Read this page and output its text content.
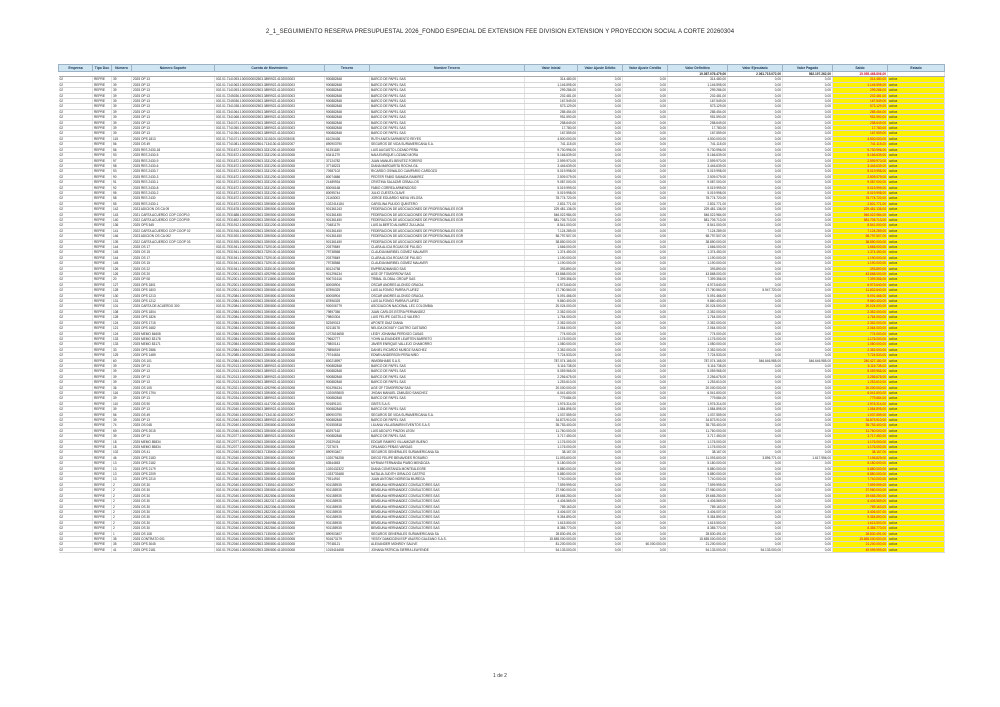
2_1_SEGUIMIENTO RESERVA PRESUPUESTAL 2026_FONDO ESPECIAL DE EXTENSION FEE DIVISION EXTENSION Y PROYECCION SOCIAL A CORTE 20260304
Empresa	Tipo Doc	Número	Número Soporte	Cuenta de Movimiento	Tercero	Nombre Tercero	Valor Inicial	Valor Ajuste Débito	Valor Ajuste Crédito	Valor Definitivo	Valor Ejecutado	Valor Pagado	Saldo	Estado
										19.087.076.479,00	2.061.715.072,00	562.197.262,00	15.055.468.806,00	
02	REPRE	39	2025 OP 13	002.01.7141093.1000000002503.3899922.4102003003	900882848	BARCO DE PAPEL SAS	314.480,00	0,00	0,00	314.480,00	0,00	0,00	314.480,00	activa
02	REPRE	39	2025 OP 13	002.01.7141063.1000000002503.3899922.4102003003	900882848	BARCO DE PAPEL SAS	1.146.595,00	0,00	0,00	1.146.595,00	0,00	0,00	1.146.595,00	activa
02	REPRE	39	2025 OP 13	002.01.7141093.1000000002503.3899922.4102003003	900882848	BARCO DE PAPEL SAS	299.286,00	0,00	0,00	299.286,00	0,00	0,00	299.286,00	activa
02	REPRE	39	2025 OP 13	002.01.7245036.1000000002503.3899922.4102003003	900882848	BARCO DE PAPEL SAS	202.481,00	0,00	0,00	202.481,00	0,00	0,00	202.481,00	activa
02	REPRE	39	2025 OP 13	002.01.7245036.1000000002503.3899922.4102003003	900882848	BARCO DE PAPEL SAS	167.549,00	0,00	0,00	167.549,00	0,00	0,00	167.549,00	activa
02	REPRE	39	2025 OP 13	002.01.7341038.1000000002503.3899922.4102003003	900882848	BARCO DE PAPEL SAS	573.129,00	0,00	0,00	573.129,00	0,00	0,00	573.129,00	activa
02	REPRE	39	2025 OP 13	002.01.7341064.1000000002503.3899922.4102003003	900882848	BARCO DE PAPEL SAS	285.454,00	0,00	0,00	285.454,00	0,00	0,00	285.454,00	activa
02	REPRE	39	2025 OP 13	002.01.7341068.1000000002503.3899922.4102003003	900882848	BARCO DE PAPEL SAS	951.590,00	0,00	0,00	951.590,00	0,00	0,00	951.590,00	activa
02	REPRE	39	2025 OP 13	002.01.7341071.1000000002503.3899922.4102003003	900882848	BARCO DE PAPEL SAS	258.649,00	0,00	0,00	258.649,00	0,00	0,00	258.649,00	activa
02	REPRE	39	2025 OP 13	002.01.7741050.1000000002503.3899922.4102003003	900882848	BARCO DE PAPEL SAS	17.780,00	0,00	0,00	17.780,00	0,00	0,00	17.780,00	activa
02	REPRE	39	2025 OP 13	002.01.7741054.1000000002503.3899922.4102003003	900882848	BARCO DE PAPEL SAS	167.559,00	0,00	0,00	167.559,00	0,00	0,00	167.559,00	activa
02	REPRE	115	2025 OPS 1813	002.01.7741071.1000000002503.3115100.4102003008	61026436	RUTH ANITA SARMIENTO REYES	4.500.000,00	0,00	0,00	4.500.000,00	0,00	0,00	4.500.000,00	activa
02	REPRE	56	2025 OS 49	002.01.7741081.1000000002504.7134130.4102002007	890903790	SEGUROS DE VIDA SURAMERICANA S.A.	741.115,00	0,00	0,00	741.115,00	0,00	0,00	741.115,00	activa
02	REPRE	56	2025 RES 2430-18	002.01.7931672.1000000002503.3331200.4102003008	91251180	LUIS AUGUSTO LOZANO PEÑA	9.730.996,00	0,00	0,00	9.730.996,00	0,00	0,00	9.730.996,00	activa
02	REPRE	93	2025 RES 2430-5	002.01.7931672.1000000002503.3331200.4102003008	63411279	NAIA ENRIQUE LOZANO MORA	5.166.639,00	0,00	0,00	5.166.639,00	0,00	0,00	5.166.639,00	activa
02	REPRE	97	2025 RES 2430-9	002.01.7931672.1000000002503.3331200.4102003008	37124782	JUAN MANUEL BENITEZ FORERO	2.599.970,00	0,00	0,00	2.599.970,00	0,00	0,00	2.599.970,00	activa
02	REPRE	98	2025 RES 2430-6	002.01.7931672.1000000002503.3331200.4102003008	37748223	DIANA MARGARITA ROCHA GIL	3.446.639,00	0,00	0,00	3.446.639,00	0,00	0,00	3.446.639,00	activa
02	REPRE	93	2025 RES 2430-7	002.01.7931672.1000000002503.3331200.4102003008	70987102	RICARDO OSWALDO CAMPARIO CARDOZO	5.019.998,00	0,00	0,00	5.019.998,00	0,00	0,00	5.019.998,00	activa
02	REPRE	90	2025 RES 2430-3	002.01.7931672.1000000002503.3331200.4102003008	80074686	PEDTER FABIO SAMADA RAMIREZ	2.509.079,00	0,00	0,00	2.509.079,00	0,00	0,00	2.509.079,00	activa
02	REPRE	91	2025 RES 2430-1	002.01.7931672.1000000002503.3331200.4102003008	21489934	CRISTINA SALAZAR CEBALLOS	9.087.000,00	0,00	0,00	9.087.000,00	0,00	0,00	9.087.000,00	activa
02	REPRE	92	2025 RES 2430-8	002.01.7931672.1000000002503.3331200.4102003008	80006168	FABIO CORREA ARMENDOSO	5.019.999,00	0,00	0,00	5.019.999,00	0,00	0,00	5.019.999,00	activa
02	REPRE	95	2025 RES 2430-2	002.01.7931672.1000000002503.3331200.4102003008	80095744	JULIO CUESTA OLAVE	5.019.998,00	0,00	0,00	5.019.998,00	0,00	0,00	5.019.998,00	activa
02	REPRE	58	2025 RES 2430	002.01.7931672.1000000002503.3331200.4102003008	21163003	JORGE EDUARDO NIEVA VELOSA	78.774.720,00	0,00	0,00	78.774.720,00	0,00	0,00	78.774.720,00	activa
02	REPRE	55	2025 RES 2430-1	002.01.7931672.1000000002503.3390800.4102003008	1022414184	CAROLINA PULIDO QUINTERO	2.831.771,00	0,00	0,00	2.831.771,00	0,00	0,00	2.831.771,00	activa
02	REPRE	142	2023 ADICION OS CA 09	002.01.7931678.1000000002503.3390500.4102003008	901361243	FEDERACION DE ASOCIACIONES DE PROFESIONALES EGR	229.481.136,00	0,00	0,00	229.481.136,00	0,00	0,00	229.481.136,00	activa
02	REPRE	143	2021 CARTA ACUERDO COP COOP10	002.01.7931688.1000000002503.3390500.4102003008	901361450	FEDERACION DE ASOCIACIONES DE PROFESIONALES EGR	546.022.984,00	0,00	0,00	546.022.984,00	0,00	0,00	546.022.984,00	activa
02	REPRE	140	2022 CARTA ACUERDO COP COOP09	002.01.7931692.1000000002503.3390500.4102003008	901361450	FEDERACION DE ASOCIACIONES DE PROFESIONALES EGR	581.705.713,00	0,00	0,00	581.705.713,00	0,00	0,00	581.705.713,00	activa
02	REPRE	136	2025 OPS 545	002.01.7931912.1000000002503.3331200.4102003008	70481179	LUIS ALBERTO ALVAREZ ZULUAGA	8.541.000,00	0,00	0,00	8.541.000,00	0,00	0,00	8.541.000,00	activa
02	REPRE	141	2022 CARTA ACUERDO COP COOP 02	002.01.7931916.1000000002503.3390500.4102003008	901361450	FEDERACION DE ASOCIACIONES DE PROFESIONALES EGR	7.124.289,00	0,00	0,00	7.124.289,00	0,00	0,00	7.124.289,00	activa
02	REPRE	146	2023 ADICION OS CA 002	002.01.7931920.1000000002503.3390500.4102003008	901361450	FEDERACION DE ASOCIACIONES DE PROFESIONALES EGR	58.797.507,00	0,00	0,00	58.797.507,00	0,00	0,00	58.797.507,00	activa
02	REPRE	139	2022 CARTA ACUERDO COP COOP 03	002.01.7931925.1000000002503.3390500.4102003008	901361450	FEDERACION DE ASOCIACIONES DE PROFESIONALES EGR	38.850.000,00	0,00	0,00	38.850.000,00	0,00	0,00	38.850.000,00	activa
02	REPRE	144	2025 OS 17	002.01.7931941.1000000002503.7329100.4102003008	20379849	CLARA ALICIA ROJAS DE PULIDO	1.666.000,00	0,00	0,00	1.666.000,00	0,00	0,00	1.666.000,00	activa
02	REPRE	145	2025 OS 15	002.01.7931941.1000000002503.7329100.4102003008	79738568	CLAUDIA MARIBEL GOMEZ MALAVER	1.374.450,00	0,00	0,00	1.374.450,00	0,00	0,00	1.374.450,00	activa
02	REPRE	144	2025 OS 17	002.01.7931941.1000000002503.7329100.4102003008	20379849	CLARA ALICIA ROJAS DE PULIDO	1.190.000,00	0,00	0,00	1.190.000,00	0,00	0,00	1.190.000,00	activa
02	REPRE	145	2025 OS 15	002.01.7931941.1000000002503.7329100.4102003008	79738568	CLAUDIA MARIBEL GOMEZ MALAVER	1.190.000,00	0,00	0,00	1.190.000,00	0,00	0,00	1.190.000,00	activa
02	REPRE	126	2025 OS 22	002.01.7931941.1000000002503.3335100.4102003008	80124758	EMPREADMANDO SAS	393.890,00	0,00	0,00	393.890,00	0,00	0,00	393.890,00	activa
02	REPRE	126	2025 OS 20	002.01.7912001.1000000002503.4292990.4102003008	901296134	AGE OF TOMORROW SAS	43.868.000,00	0,00	0,00	43.868.000,00	0,00	0,00	43.868.000,00	activa
02	REPRE	20	2025 OP 08	002.01.7912001.1000000002503.3713800.4102003008	900701616	TRIBAL GLOBAL GROUP SAS	7.399.356,00	0,00	0,00	7.399.356,00	0,00	0,00	7.399.356,00	activa
02	REPRE	127	2025 OPS 1801	002.01.7912001.1000000002503.3390800.4102003008	80008904	OSCAR ANDRES ALONSO GRACIA	6.973.640,00	0,00	0,00	6.973.640,00	0,00	0,00	6.973.640,00	activa
02	REPRE	128	2025 OPS 1803	002.01.7912001.1000000002503.3390800.4102003008	87896325	LUIS ALFONSO PARRA FLUREZ	17.780.560,00	0,00	0,00	17.780.560,00	5.947.720,00	0,00	11.832.840,00	activa
02	REPRE	130	2025 OPS 1213	002.01.7912084.1000000002503.3390800.4102003008	80008904	OSCAR ANDRES ALONSO GRACIA	5.091.466,00	0,00	0,00	5.091.466,00	0,00	0,00	5.091.466,00	activa
02	REPRE	131	2025 OPS 1212	002.01.7912084.1000000002503.3390800.4102003008	87896325	LUIS ALFONSO PARRA FLUREZ	9.860.400,00	0,00	0,00	9.860.400,00	0,00	0,00	9.860.400,00	activa
02	REPRE	101	2025 CARTA DE ACUERDO 300	002.01.7912084.1000000002503.3390800.4102003008	900006779	ASOCIACION NACIONAL LEC COLOMBIA	20.024.000,00	0,00	0,00	20.024.000,00	0,00	0,00	20.024.000,00	activa
02	REPRE	108	2025 OPS 1804	002.01.7912084.1000000002503.3390800.4102003008	79897356	JUAN CARLOS ESTRA PERNANDEZ	2.352.000,00	0,00	0,00	2.352.000,00	0,00	0,00	2.352.000,00	activa
02	REPRE	128	2025 OPS 1826	002.01.7912084.1000000002503.3390800.4102003008	79800304	LUIS FELIPE CASTILLO VALERO	1.764.000,00	0,00	0,00	1.764.000,00	0,00	0,00	1.764.000,00	activa
02	REPRE	124	2025 OPS 1715	002.01.7912084.1000000002503.3390800.4102003008	52269313	APONTE DIAZ DIANA	2.352.000,00	0,00	0,00	2.352.000,00	0,00	0,00	2.352.000,00	activa
02	REPRE	121	2025 OPS 1682	002.01.7912084.1000000002503.3390800.4102003008	52118178	NELIDA DIOVATY CASTRO CASTAÑO	2.064.000,00	0,00	0,00	2.064.000,00	0,00	0,00	2.064.000,00	activa
02	REPRE	124	2025 MEMO 84608	002.01.7912084.1000000002503.3390800.4102003008	1072616658	LEIDY JOHANNA PERDIGO CASAS	774.000,00	0,00	0,00	774.000,00	0,00	0,00	774.000,00	activa
02	REPRE	133	2025 MEMO 83178	002.01.7912084.1000000002503.3390800.4102003008	79662777	YOHN ALEXANDER LEARTEN BARRETO	1.176.000,00	0,00	0,00	1.176.000,00	0,00	0,00	1.176.000,00	activa
02	REPRE	133	2025 MEMO 83171	002.01.7912084.1000000002503.3390800.4102003008	79800141	JAVIER ENRIQUE VALLEJO CHAMORRO	1.080.000,00	0,00	0,00	1.080.000,00	0,00	0,00	1.080.000,00	activa
02	REPRE	33	2025 OPS 2586	002.01.7912084.1000000002503.3390800.4102003008	79856519	DANIEL RICARDO MUÑOZ SANCHEZ	2.352.000,00	0,00	0,00	2.352.000,00	0,00	0,00	2.352.000,00	activa
02	REPRE	125	2025 OPS 1489	002.01.7912085.1000000002503.3390800.4102003008	79744634	EDWIN ANDERSON PEÑA NIÑO	7.724.533,00	0,00	0,00	7.724.533,00	0,00	0,00	7.724.533,00	activa
02	REPRE	60	2025 OS 101	002.01.7912084.1000000002503.3390800.4102003008	800218997	INMOBIHABS S.A.S.	787.074.165,00	0,00	0,00	787.074.165,00	546.646.985,00	546.646.985,00	240.427.180,00	activa
02	REPRE	39	2025 OP 13	002.01.7912013.1000000002503.3899922.4102003003	900882848	BARCO DE PAPEL SAS	5.116.738,00	0,00	0,00	5.116.738,00	0,00	0,00	5.116.738,00	activa
02	REPRE	39	2025 OP 13	002.01.7912013.1000000002503.3899922.4102003003	900882848	BARCO DE PAPEL SAS	5.059.965,00	0,00	0,00	5.059.965,00	0,00	0,00	5.059.965,00	activa
02	REPRE	39	2025 OP 13	002.01.7912013.1000000002503.3899922.4102003003	900882848	BARCO DE PAPEL SAS	2.256.675,00	0,00	0,00	2.256.675,00	0,00	0,00	2.256.675,00	activa
02	REPRE	39	2025 OP 13	002.01.7912013.1000000002503.3899922.4102003003	900882848	BARCO DE PAPEL SAS	1.253.610,00	0,00	0,00	1.253.610,00	0,00	0,00	1.253.610,00	activa
02	REPRE	36	2025 OS 105	002.01.7912021.1000000002503.4292990.4102003008	901296134	AGE OF TOMORROW SAS	20.000.000,00	0,00	0,00	20.000.000,00	0,00	0,00	20.000.000,00	activa
02	REPRE	116	2025 OPS 1794	002.01.7912024.1000000002503.3390800.4102003008	1020693605	JHOAN MANUEL ZAMUDIO SANCHEZ	6.041.600,00	0,00	0,00	6.041.600,00	0,00	0,00	6.041.600,00	activa
02	REPRE	39	2025 OP 13	002.01.7912034.1000000002503.3899922.4102003003	900882848	BARCO DE PAPEL SAS	779.684,00	0,00	0,00	779.684,00	0,00	0,00	779.684,00	activa
02	REPRE	110	2025 OS 90	002.01.7912035.1000000002503.4147200.4102003006	901891101	GBITS S.A.S.	1.976.314,00	0,00	0,00	1.976.314,00	0,00	0,00	1.976.314,00	activa
02	REPRE	39	2025 OP 13	002.01.7912040.1000000002503.3899922.4102003003	900882848	BARCO DE PAPEL SAS	1.584.895,00	0,00	0,00	1.584.895,00	0,00	0,00	1.584.895,00	activa
02	REPRE	56	2025 OS 49	002.01.7912040.1000000002504.7134130.4102002007	890903790	SEGUROS DE VIDA SURAMERICANA S.A.	1.037.559,00	0,00	0,00	1.037.559,00	0,00	0,00	1.037.559,00	activa
02	REPRE	39	2025 OP 13	002.01.7912040.1000000002503.3899922.4102003003	900882848	BARCO DE PAPEL SAS	34.873.910,00	0,00	0,00	34.873.910,00	0,00	0,00	34.873.910,00	activa
02	REPRE	74	2025 OS 048	002.01.7912040.1000000002503.3390800.4102003008	901550818	LILIANA VILLASMARIN EVENTOS S.A.S	35.753.400,00	0,00	0,00	35.753.400,00	0,00	0,00	35.753.400,00	activa
02	REPRE	69	2025 OPS 2015	002.01.7912040.1000000002503.3390800.4102003008	80297162	LUIS ADOLFO PINZON LEON	11.760.000,00	0,00	0,00	11.760.000,00	0,00	0,00	11.760.000,00	activa
02	REPRE	39	2025 OP 13	002.01.7912077.1000000002503.3899922.4102003003	900882848	BARCO DE PAPEL SAS	3.717.450,00	0,00	0,00	3.717.450,00	0,00	0,00	3.717.450,00	activa
02	REPRE	18	2025 MEMO 85834	002.01.7912077.1000000002503.3390800.4102003008	20329434	EDGAR RAMIRO VILLAMIZAR BUENO	1.176.000,00	0,00	0,00	1.176.000,00	0,00	0,00	1.176.000,00	activa
02	REPRE	18	2025 MEMO 85834	002.01.7912077.1000000002503.3390800.4102003008	7227674	ORLANDO PEÑAS VARGAS	1.176.000,00	0,00	0,00	1.176.000,00	0,00	0,00	1.176.000,00	activa
02	REPRE	102	2025 OS 41	002.01.7912040.1000000002503.7135600.4102003007	890903407	SEGUROS GENERALES SURAMERICANA SA	38.167,00	0,00	0,00	38.167,00	0,00	0,00	38.167,00	activa
02	REPRE	46	2025 OPS 2183	002.01.7912040.1000000002503.3390800.4102003008	1020794258	DIEGO FELIPE BENAVIDES ROSARIO	11.093.600,00	0,00	0,00	11.093.600,00	3.896.771,00	1.617.956,00	7.196.829,00	activa
02	REPRE	13	2025 OPS 2182	002.01.7912040.1000000002503.3390800.4102003008	63544653	MYRIAM FERNANDA PIAÑO MENDOZA	5.180.000,00	0,00	0,00	5.180.000,00	0,00	0,00	5.180.000,00	activa
02	REPRE	13	2025 OPS 2179	002.01.7912040.1000000002503.3390800.4102003008	1020432322	DIANA CONSTANZA MONTEALEGRE	5.880.000,00	0,00	0,00	5.880.000,00	0,00	0,00	5.880.000,00	activa
02	REPRE	13	2025 OPS 2209	002.01.7912040.1000000002503.3390800.4102003008	1033733488	NATALIA JUDITH GIRALDO CASTRO	5.880.000,00	0,00	0,00	5.880.000,00	0,00	0,00	5.880.000,00	activa
02	REPRE	13	2025 OPS 2210	002.01.7912040.1000000002503.3390800.4102003008	79314910	JUAN ANTONIO NORIEGA MUREGA	7.740.000,00	0,00	0,00	7.740.000,00	0,00	0,00	7.740.000,00	activa
02	REPRE	2	2025 OS 30	002.01.7912040.1000000002503.7135510.4102003007	901155935	BEMDUNA HERNANDEZ CONSULTORES SAS	7.599.999,00	0,00	0,00	7.599.999,00	0,00	0,00	7.599.999,00	activa
02	REPRE	2	2025 OS 30	002.01.7912040.1000000002503.3390800.4102003008	901155935	BEMDUNA HERNANDEZ CONSULTORES SAS	27.980.000,00	0,00	0,00	27.980.000,00	0,00	0,00	27.980.000,00	activa
02	REPRE	2	2025 OS 30	002.01.7912040.1000000002503.2822806.4102003008	901155935	BEMDUNA HERNANDEZ CONSULTORES SAS	19.665.250,00	0,00	0,00	19.665.250,00	0,00	0,00	19.665.250,00	activa
02	REPRE	2	2025 OS 30	002.01.7912040.1000000002503.2822317.4102003008	901155935	BEMDUNA HERNANDEZ CONSULTORES SAS	4.406.569,00	0,00	0,00	4.406.569,00	0,00	0,00	4.406.569,00	activa
02	REPRE	2	2025 OS 30	002.01.7912040.1000000002503.2822306.4102003008	901155935	BEMDUNA HERNANDEZ CONSULTORES SAS	789.163,00	0,00	0,00	789.163,00	0,00	0,00	789.163,00	activa
02	REPRE	2	2025 OS 30	002.01.7912040.1000000002503.2822300.4102003008	901155935	BEMDUNA HERNANDEZ CONSULTORES SAS	3.406.007,00	0,00	0,00	3.406.007,00	0,00	0,00	3.406.007,00	activa
02	REPRE	2	2025 OS 30	002.01.7912040.1000000002503.2822840.4102003008	901155935	BEMDUNA HERNANDEZ CONSULTORES SAS	9.354.890,00	0,00	0,00	9.354.890,00	0,00	0,00	9.354.890,00	activa
02	REPRE	2	2025 OS 30	002.01.7912040.1000000002503.2640956.4102003008	901155935	BEMDUNA HERNANDEZ CONSULTORES SAS	1.615.500,00	0,00	0,00	1.615.500,00	0,00	0,00	1.615.500,00	activa
02	REPRE	2	2025 OS 30	002.01.7912040.1000000002503.2822840.4102003008	901155935	BEMDUNA HERNANDEZ CONSULTORES SAS	8.385.770,00	0,00	0,00	8.385.770,00	0,00	0,00	8.385.770,00	activa
02	REPRE	1	2025 OS 108	002.01.7912040.1000000002503.7135000.4102003007	890903407	SEGUROS GENERALES SURAMERICANA SA	28.830.491,00	0,00	0,00	28.830.491,00	0,00	0,00	28.830.491,00	activa
02	REPRE	35	2025 CONTRATO 001	002.01.7912040.1000000002503.3390800.4102003008	901673179	YESSY DAMGOZNI ESP VALERO GALEANO S.A.S.	15.655.000.000,00	0,00	0,00	15.655.000.000,00	0,00	0,00	15.655.000.000,00	activa
02	REPRE	35	2025 OPS 3045	002.01.7912040.1000000002503.3390800.4102003008	79748121	ALEXANDER MONROY SALIVE	81.200.000,00	0,00	60.000.000,00	21.200.000,00	0,00	0,00	21.200.000,00	activa
02	REPRE	41	2025 OPS 2181	002.01.7912040.1000000002503.3390800.4102003008	1015416458	JOHANA PATRICIA SIERRA LEAYENDE	54.133.000,00	0,00	0,00	54.133.000,00	54.133.000,00	0,00	49.999.999,00	activa
1 de 2
